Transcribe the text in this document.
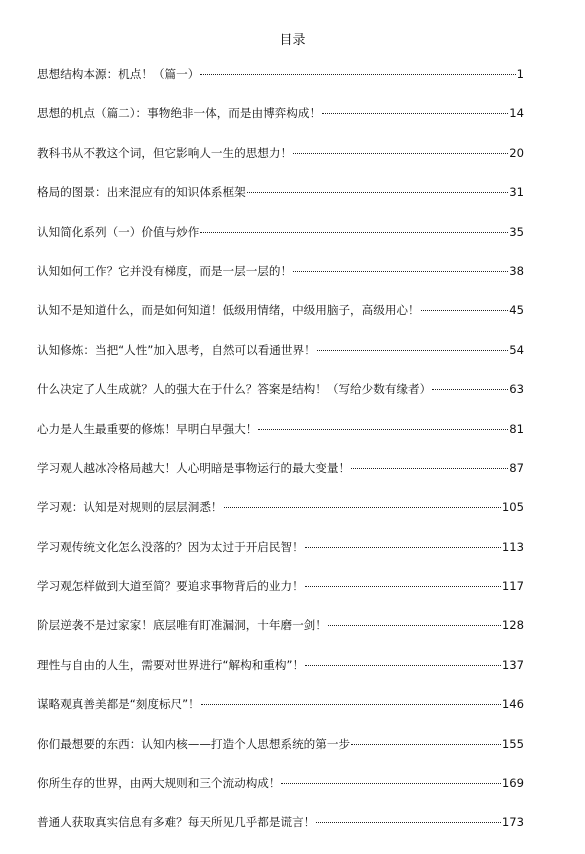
目录
思想结构本源：机点！（篇一）	1
思想的机点（篇二）：事物绝非一体，而是由博弈构成！	14
教科书从不教这个词，但它影响人一生的思想力！	20
格局的图景：出来混应有的知识体系框架	31
认知简化系列（一）价值与炒作	35
认知如何工作？它并没有梯度，而是一层一层的！	38
认知不是知道什么，而是如何知道！低级用情绪，中级用脑子，高级用心！	45
认知修炼：当把“人性”加入思考，自然可以看通世界！	54
什么决定了人生成就？人的强大在于什么？答案是结构！（写给少数有缘者）	63
心力是人生最重要的修炼！早明白早强大！	81
学习观人越冰冷格局越大！人心明暗是事物运行的最大变量！	87
学习观：认知是对规则的层层洞悉！	105
学习观传统文化怎么没落的？因为太过于开启民智！	113
学习观怎样做到大道至简？要追求事物背后的业力！	117
阶层逆袭不是过家家！底层唯有盯准漏洞，十年磨一剑！	128
理性与自由的人生，需要对世界进行“解构和重构”！	137
谋略观真善美都是“刻度标尺”！	146
你们最想要的东西：认知内核——打造个人思想系统的第一步	155
你所生存的世界，由两大规则和三个流动构成！	169
普通人获取真实信息有多难？每天所见几乎都是谎言！	173
